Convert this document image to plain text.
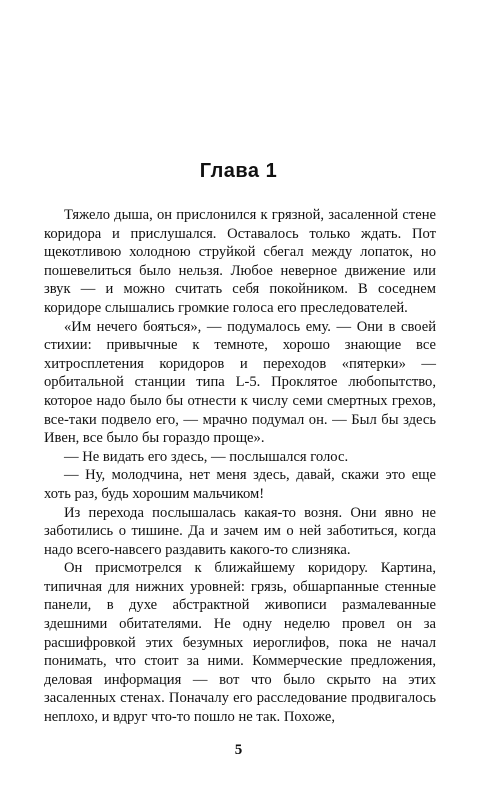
Глава 1

Тяжело дыша, он прислонился к грязной, засаленной стене коридора и прислушался. Оставалось только ждать. Пот щекотливою холодною струйкой сбегал между лопаток, но пошевелиться было нельзя. Любое неверное движение или звук — и можно считать себя покойником. В соседнем коридоре слышались громкие голоса его преследователей.

«Им нечего бояться», — подумалось ему. — Они в своей стихии: привычные к темноте, хорошо знающие все хитросплетения коридоров и переходов «пятерки» — орбитальной станции типа L-5. Проклятое любопытство, которое надо было бы отнести к числу семи смертных грехов, все-таки подвело его, — мрачно подумал он. — Был бы здесь Ивен, все было бы гораздо проще».

— Не видать его здесь, — послышался голос.

— Ну, молодчина, нет меня здесь, давай, скажи это еще хоть раз, будь хорошим мальчиком!

Из перехода послышалась какая-то возня. Они явно не заботились о тишине. Да и зачем им о ней заботиться, когда надо всего-навсего раздавить какого-то слизняка.

Он присмотрелся к ближайшему коридору. Картина, типичная для нижних уровней: грязь, обшарпанные стенные панели, в духе абстрактной живописи размалеванные здешними обитателями. Не одну неделю провел он за расшифровкой этих безумных иероглифов, пока не начал понимать, что стоит за ними. Коммерческие предложения, деловая информация — вот что было скрыто на этих засаленных стенах. Поначалу его расследование продвигалось неплохо, и вдруг что-то пошло не так. Похоже,

5
